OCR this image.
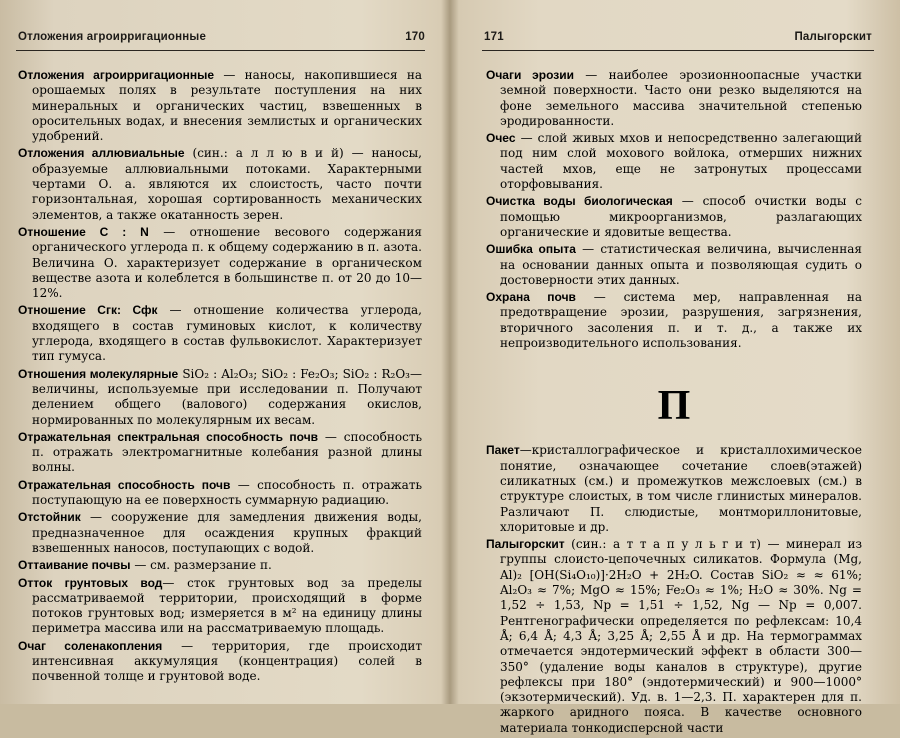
Отложения агроирригационные	170	171	Палыгорскит

Отложения агроирригационные — наносы, накопившиеся на орошаемых полях в результате поступления на них минеральных и органических частиц, взвешенных в оросительных водах, и внесения землистых и органических удобрений.

Отложения аллювиальные (син.: а л л ю в и й) — наносы, образуемые аллювиальными потоками. Характерными чертами О. а. являются их слоистость, часто почти горизонтальная, хорошая сортированность механических элементов, а также окатанность зерен.

Отношение С : N — отношение весового содержания органического углерода п. к общему содержанию в п. азота. Величина О. характеризует содержание в органическом веществе азота и колеблется в большинстве п. от 20 до 10—12%.

Отношение Сгк: Сфк — отношение количества углерода, входящего в состав гуминовых кислот, к количеству углерода, входящего в состав фульвокислот. Характеризует тип гумуса.

Отношения молекулярные SiO₂ : Al₂O₃; SiO₂ : Fe₂O₃; SiO₂ : R₂O₃— величины, используемые при исследовании п. Получают делением общего (валового) содержания окислов, нормированных по молекулярным их весам.

Отражательная спектральная способность почв — способность п. отражать электромагнитные колебания разной длины волны.

Отражательная способность почв — способность п. отражать поступающую на ее поверхность суммарную радиацию.

Отстойник — сооружение для замедления движения воды, предназначенное для осаждения крупных фракций взвешенных наносов, поступающих с водой.

Оттаивание почвы — см. размерзание п.

Отток грунтовых вод— сток грунтовых вод за пределы рассматриваемой территории, происходящий в форме потоков грунтовых вод; измеряется в м² на единицу длины периметра массива или на рассматриваемую площадь.

Очаг соленакопления — территория, где происходит интенсивная аккумуляция (концентрация) солей в почвенной толще и грунтовой воде.

Очаги эрозии — наиболее эрозионноопасные участки земной поверхности. Часто они резко выделяются на фоне земельного массива значительной степенью эродированности.

Очес — слой живых мхов и непосредственно залегающий под ним слой мохового войлока, отмерших нижних частей мхов, еще не затронутых процессами оторфовывания.

Очистка воды биологическая — способ очистки воды с помощью микроорганизмов, разлагающих органические и ядовитые вещества.

Ошибка опыта — статистическая величина, вычисленная на основании данных опыта и позволяющая судить о достоверности этих данных.

Охрана почв — система мер, направленная на предотвращение эрозии, разрушения, загрязнения, вторичного засоления п. и т. д., а также их непроизводительного использования.

П

Пакет—кристаллографическое и кристаллохимическое понятие, означающее сочетание слоев(этажей) силикатных (см.) и промежутков межслоевых (см.) в структуре слоистых, в том числе глинистых минералов. Различают П. слюдистые, монтмориллонитовые, хлоритовые и др.

Палыгорскит (син.: а т т а п у л ь г и т) — минерал из группы слоисто-цепочечных силикатов. Формула (Mg, Al)₂ [OH(Si₄O₁₀)]·2H₂O + 2H₂O. Состав SiO₂ ≈ ≈ 61%; Al₂O₃ ≈ 7%; MgO ≈ 15%; Fe₂O₃ ≈ 1%; H₂O ≈ 30%. Ng = 1,52 ÷ 1,53, Np = 1,51 ÷ 1,52, Ng — Np = 0,007. Рентгенографически определяется по рефлексам: 10,4 Å; 6,4 Å; 4,3 Å; 3,25 Å; 2,55 Å и др. На термограммах отмечается эндотермический эффект в области 300—350° (удаление воды каналов в структуре), другие рефлексы при 180° (эндотермический) и 900—1000° (экзотермический). Уд. в. 1—2,3. П. характерен для п. жаркого аридного пояса. В качестве основного материала тонкодисперсной части
